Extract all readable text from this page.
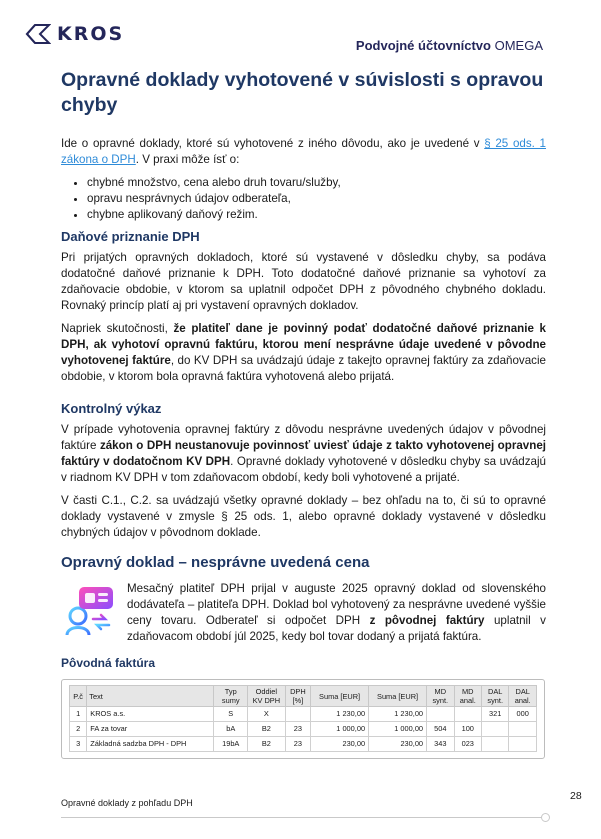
KROS
Podvojné účtovníctvo OMEGA
Opravné doklady vyhotovené v súvislosti s opravou chyby

Ide o opravné doklady, ktoré sú vyhotovené z iného dôvodu, ako je uvedené v § 25 ods. 1 zákona o DPH. V praxi môže ísť o:

• chybné množstvo, cena alebo druh tovaru/služby,
• opravu nesprávnych údajov odberateľa,
• chybne aplikovaný daňový režim.
Daňové priznanie DPH

Pri prijatých opravných dokladoch, ktoré sú vystavené v dôsledku chyby, sa podáva dodatočné daňové priznanie k DPH. Toto dodatočné daňové priznanie sa vyhotoví za zdaňovacie obdobie, v ktorom sa uplatnil odpočet DPH z pôvodného chybného dokladu. Rovnaký princíp platí aj pri vystavení opravných dokladov.

Napriek skutočnosti, že platiteľ dane je povinný podať dodatočné daňové priznanie k DPH, ak vyhotoví opravnú faktúru, ktorou mení nesprávne údaje uvedené v pôvodne vyhotovenej faktúre, do KV DPH sa uvádzajú údaje z takejto opravnej faktúry za zdaňovacie obdobie, v ktorom bola opravná faktúra vyhotovená alebo prijatá.

Kontrolný výkaz

V prípade vyhotovenia opravnej faktúry z dôvodu nesprávne uvedených údajov v pôvodnej faktúre zákon o DPH neustanovuje povinnosť uviesť údaje z takto vyhotovenej opravnej faktúry v dodatočnom KV DPH. Opravné doklady vyhotovené v dôsledku chyby sa uvádzajú v riadnom KV DPH v tom zdaňovacom období, kedy boli vyhotovené a prijaté.

V časti C.1., C.2. sa uvádzajú všetky opravné doklady – bez ohľadu na to, či sú to opravné doklady vystavené v zmysle § 25 ods. 1, alebo opravné doklady vystavené v dôsledku chybných údajov v pôvodnom doklade.

Opravný doklad – nesprávne uvedená cena

Mesačný platiteľ DPH prijal v auguste 2025 opravný doklad od slovenského dodávateľa – platiteľa DPH. Doklad bol vyhotovený za nesprávne uvedené vyššie ceny tovaru. Odberateľ si odpočet DPH z pôvodnej faktúry uplatnil v zdaňovacom období júl 2025, kedy bol tovar dodaný a prijatá faktúra.

Pôvodná faktúra
P.č	Text	Typ sumy	Oddiel KV DPH	DPH [%]	Suma [EUR]	Suma [EUR]	MD synt.	MD anal.	DAL synt.	DAL anal.
1	KROS a.s.	S	X		1 230,00	1 230,00			321	000
2	FA za tovar	bA	B2	23	1 000,00	1 000,00	504	100		
3	Základná sadzba DPH - DPH	19bA	B2	23	230,00	230,00	343	023		
Opravné doklady z pohľadu DPH
28
